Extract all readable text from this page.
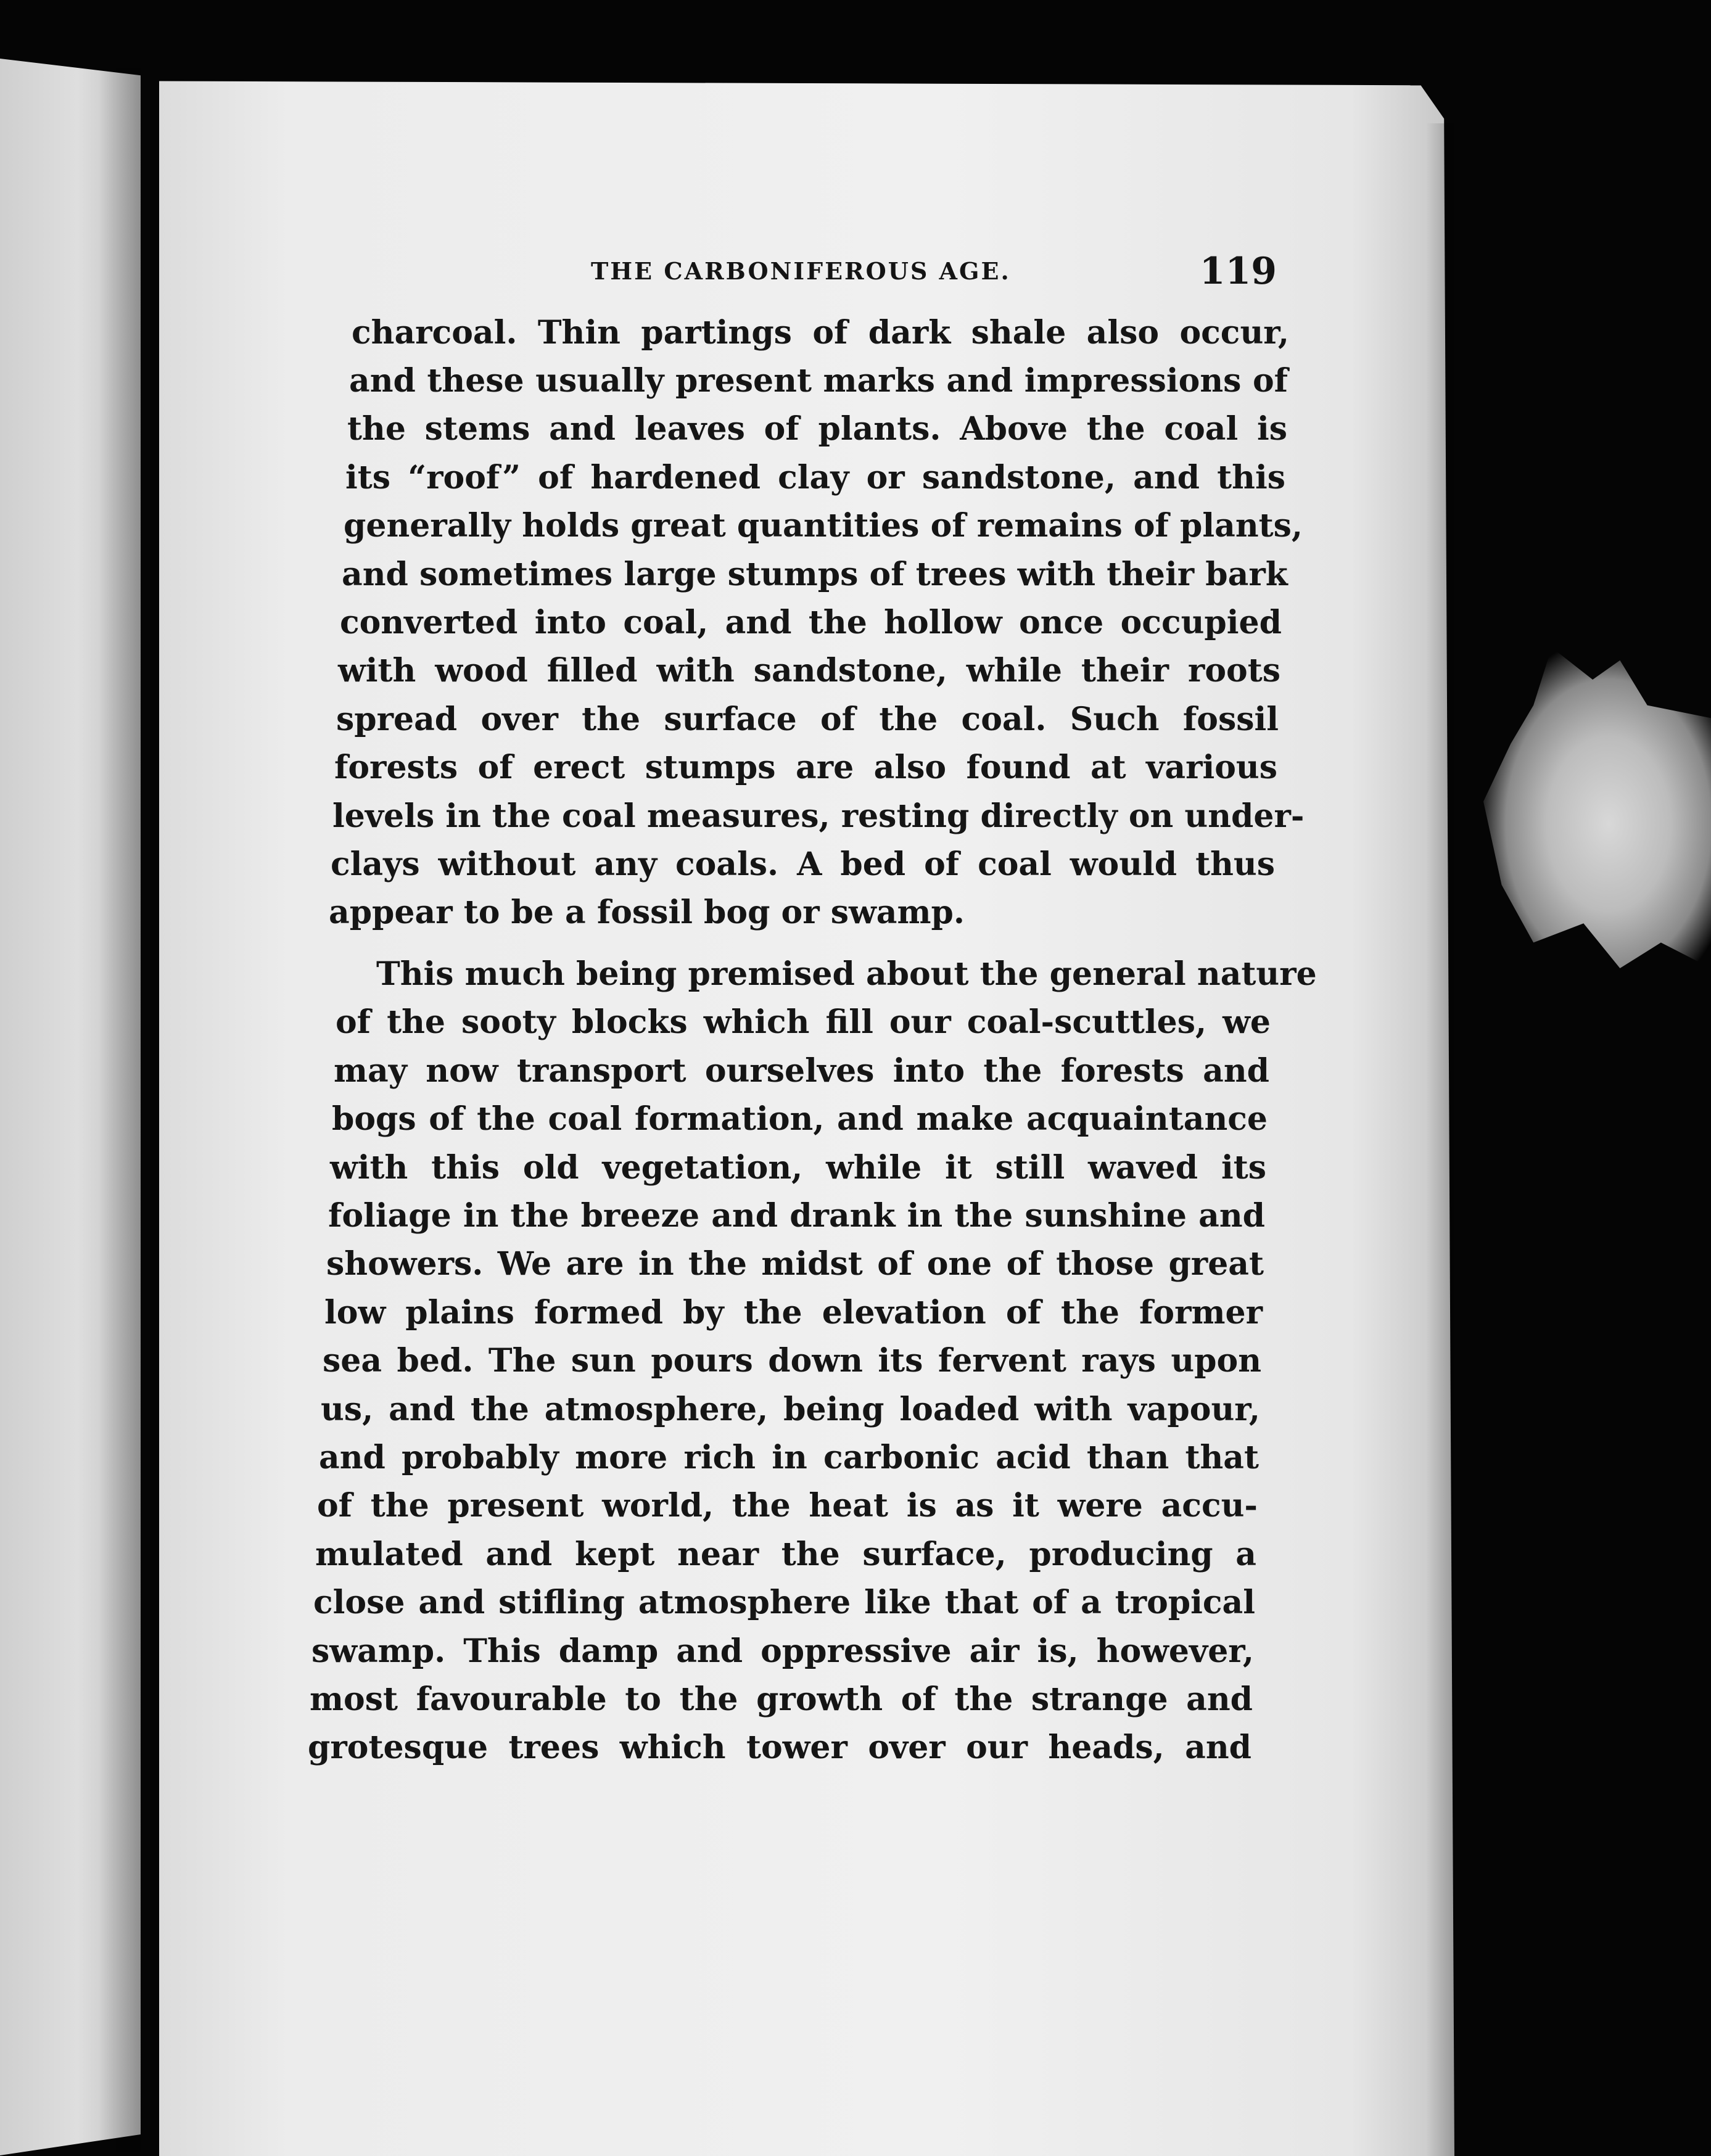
THE CARBONIFEROUS AGE.	119
charcoal. Thin partings of dark shale also occur,
and these usually present marks and impressions of
the stems and leaves of plants. Above the coal is
its “roof” of hardened clay or sandstone, and this
generally holds great quantities of remains of plants,
and sometimes large stumps of trees with their bark
converted into coal, and the hollow once occupied
with wood filled with sandstone, while their roots
spread over the surface of the coal. Such fossil
forests of erect stumps are also found at various
levels in the coal measures, resting directly on under-
clays without any coals. A bed of coal would thus
appear to be a fossil bog or swamp.
This much being premised about the general nature
of the sooty blocks which fill our coal-scuttles, we
may now transport ourselves into the forests and
bogs of the coal formation, and make acquaintance
with this old vegetation, while it still waved its
foliage in the breeze and drank in the sunshine and
showers. We are in the midst of one of those great
low plains formed by the elevation of the former
sea bed. The sun pours down its fervent rays upon
us, and the atmosphere, being loaded with vapour,
and probably more rich in carbonic acid than that
of the present world, the heat is as it were accu-
mulated and kept near the surface, producing a
close and stifling atmosphere like that of a tropical
swamp. This damp and oppressive air is, however,
most favourable to the growth of the strange and
grotesque trees which tower over our heads, and
